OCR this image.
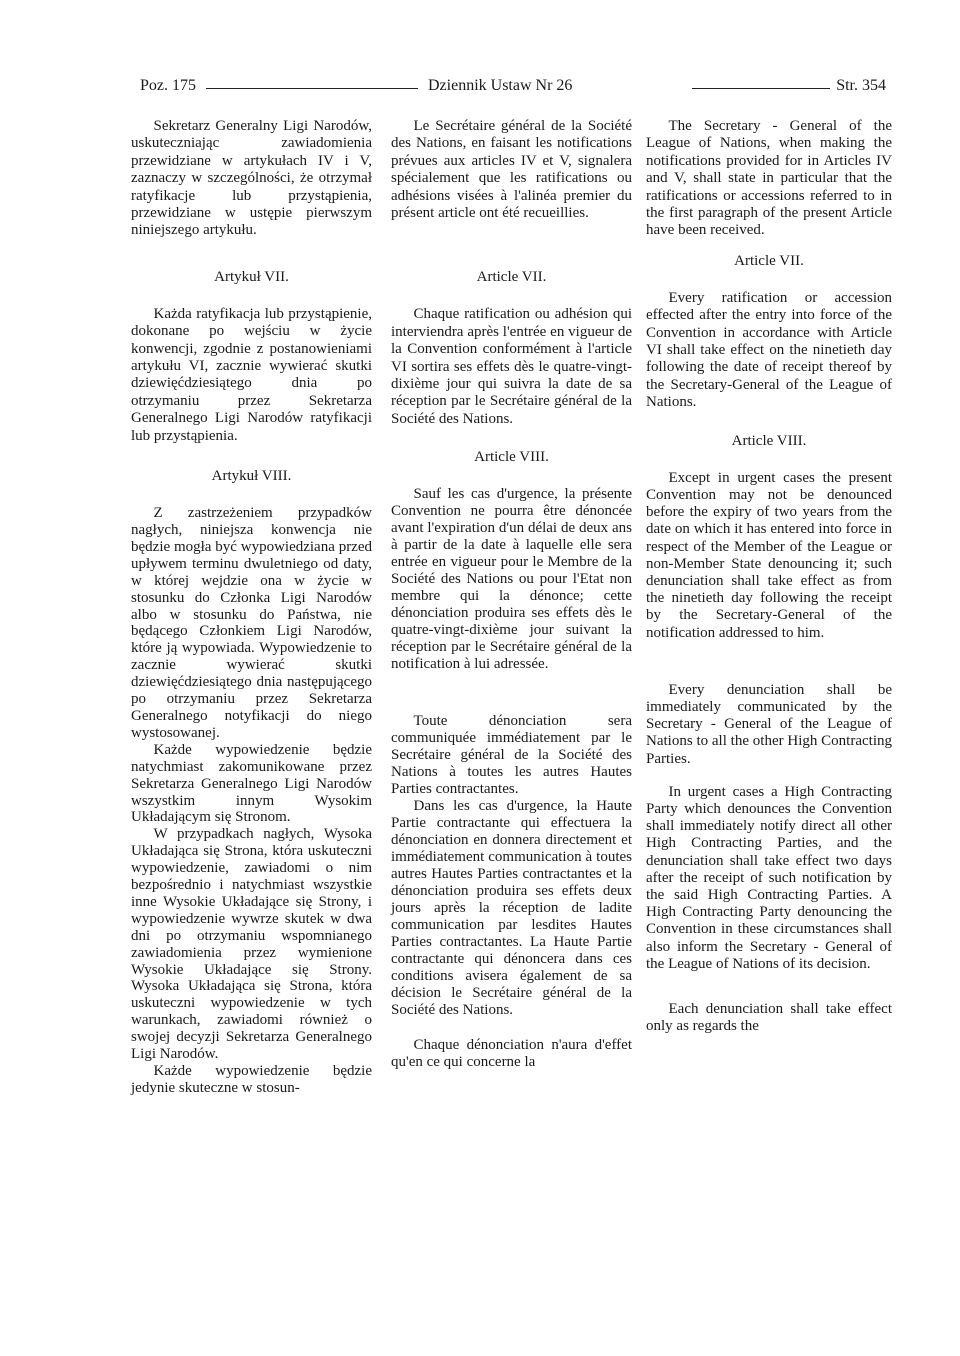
Poz. 175	Dziennik Ustaw Nr 26	Str. 354

Sekretarz Generalny Ligi Narodów, uskuteczniając zawiadomienia przewidziane w artykułach IV i V, zaznaczy w szczególności, że otrzymał ratyfikacje lub przystąpienia, przewidziane w ustępie pierwszym niniejszego artykułu.

Artykuł VII.

Każda ratyfikacja lub przystąpienie, dokonane po wejściu w życie konwencji, zgodnie z postanowieniami artykułu VI, zacznie wywierać skutki dziewięćdziesiątego dnia po otrzymaniu przez Sekretarza Generalnego Ligi Narodów ratyfikacji lub przystąpienia.

Artykuł VIII.

Z zastrzeżeniem przypadków nagłych, niniejsza konwencja nie będzie mogła być wypowiedziana przed upływem terminu dwuletniego od daty, w której wejdzie ona w życie w stosunku do Członka Ligi Narodów albo w stosunku do Państwa, nie będącego Członkiem Ligi Narodów, które ją wypowiada. Wypowiedzenie to zacznie wywierać skutki dziewięćdziesiątego dnia następującego po otrzymaniu przez Sekretarza Generalnego notyfikacji do niego wystosowanej.

Każde wypowiedzenie będzie natychmiast zakomunikowane przez Sekretarza Generalnego Ligi Narodów wszystkim innym Wysokim Układającym się Stronom.

W przypadkach nagłych, Wysoka Układająca się Strona, która uskuteczni wypowiedzenie, zawiadomi o nim bezpośrednio i natychmiast wszystkie inne Wysokie Układające się Strony, i wypowiedzenie wywrze skutek w dwa dni po otrzymaniu wspomnianego zawiadomienia przez wymienione Wysokie Układające się Strony. Wysoka Układająca się Strona, która uskuteczni wypowiedzenie w tych warunkach, zawiadomi również o swojej decyzji Sekretarza Generalnego Ligi Narodów.

Każde wypowiedzenie będzie jedynie skuteczne w stosun-

Le Secrétaire général de la Société des Nations, en faisant les notifications prévues aux articles IV et V, signalera spécialement que les ratifications ou adhésions visées à l'alinéa premier du présent article ont été recueillies.

Article VII.

Chaque ratification ou adhésion qui interviendra après l'entrée en vigueur de la Convention conformément à l'article VI sortira ses effets dès le quatre-vingt-dixième jour qui suivra la date de sa réception par le Secrétaire général de la Société des Nations.

Article VIII.

Sauf les cas d'urgence, la présente Convention ne pourra être dénoncée avant l'expiration d'un délai de deux ans à partir de la date à laquelle elle sera entrée en vigueur pour le Membre de la Société des Nations ou pour l'Etat non membre qui la dénonce; cette dénonciation produira ses effets dès le quatre-vingt-dixième jour suivant la réception par le Secrétaire général de la notification à lui adressée.

Toute dénonciation sera communiquée immédiatement par le Secrétaire général de la Société des Nations à toutes les autres Hautes Parties contractantes.

Dans les cas d'urgence, la Haute Partie contractante qui effectuera la dénonciation en donnera directement et immédiatement communication à toutes autres Hautes Parties contractantes et la dénonciation produira ses effets deux jours après la réception de ladite communication par lesdites Hautes Parties contractantes. La Haute Partie contractante qui dénoncera dans ces conditions avisera également de sa décision le Secrétaire général de la Société des Nations.

Chaque dénonciation n'aura d'effet qu'en ce qui concerne la

The Secretary - General of the League of Nations, when making the notifications provided for in Articles IV and V, shall state in particular that the ratifications or accessions referred to in the first paragraph of the present Article have been received.

Article VII.

Every ratification or accession effected after the entry into force of the Convention in accordance with Article VI shall take effect on the ninetieth day following the date of receipt thereof by the Secretary-General of the League of Nations.

Article VIII.

Except in urgent cases the present Convention may not be denounced before the expiry of two years from the date on which it has entered into force in respect of the Member of the League or non-Member State denouncing it; such denunciation shall take effect as from the ninetieth day following the receipt by the Secretary-General of the notification addressed to him.

Every denunciation shall be immediately communicated by the Secretary - General of the League of Nations to all the other High Contracting Parties.

In urgent cases a High Contracting Party which denounces the Convention shall immediately notify direct all other High Contracting Parties, and the denunciation shall take effect two days after the receipt of such notification by the said High Contracting Parties. A High Contracting Party denouncing the Convention in these circumstances shall also inform the Secretary - General of the League of Nations of its decision.

Each denunciation shall take effect only as regards the
